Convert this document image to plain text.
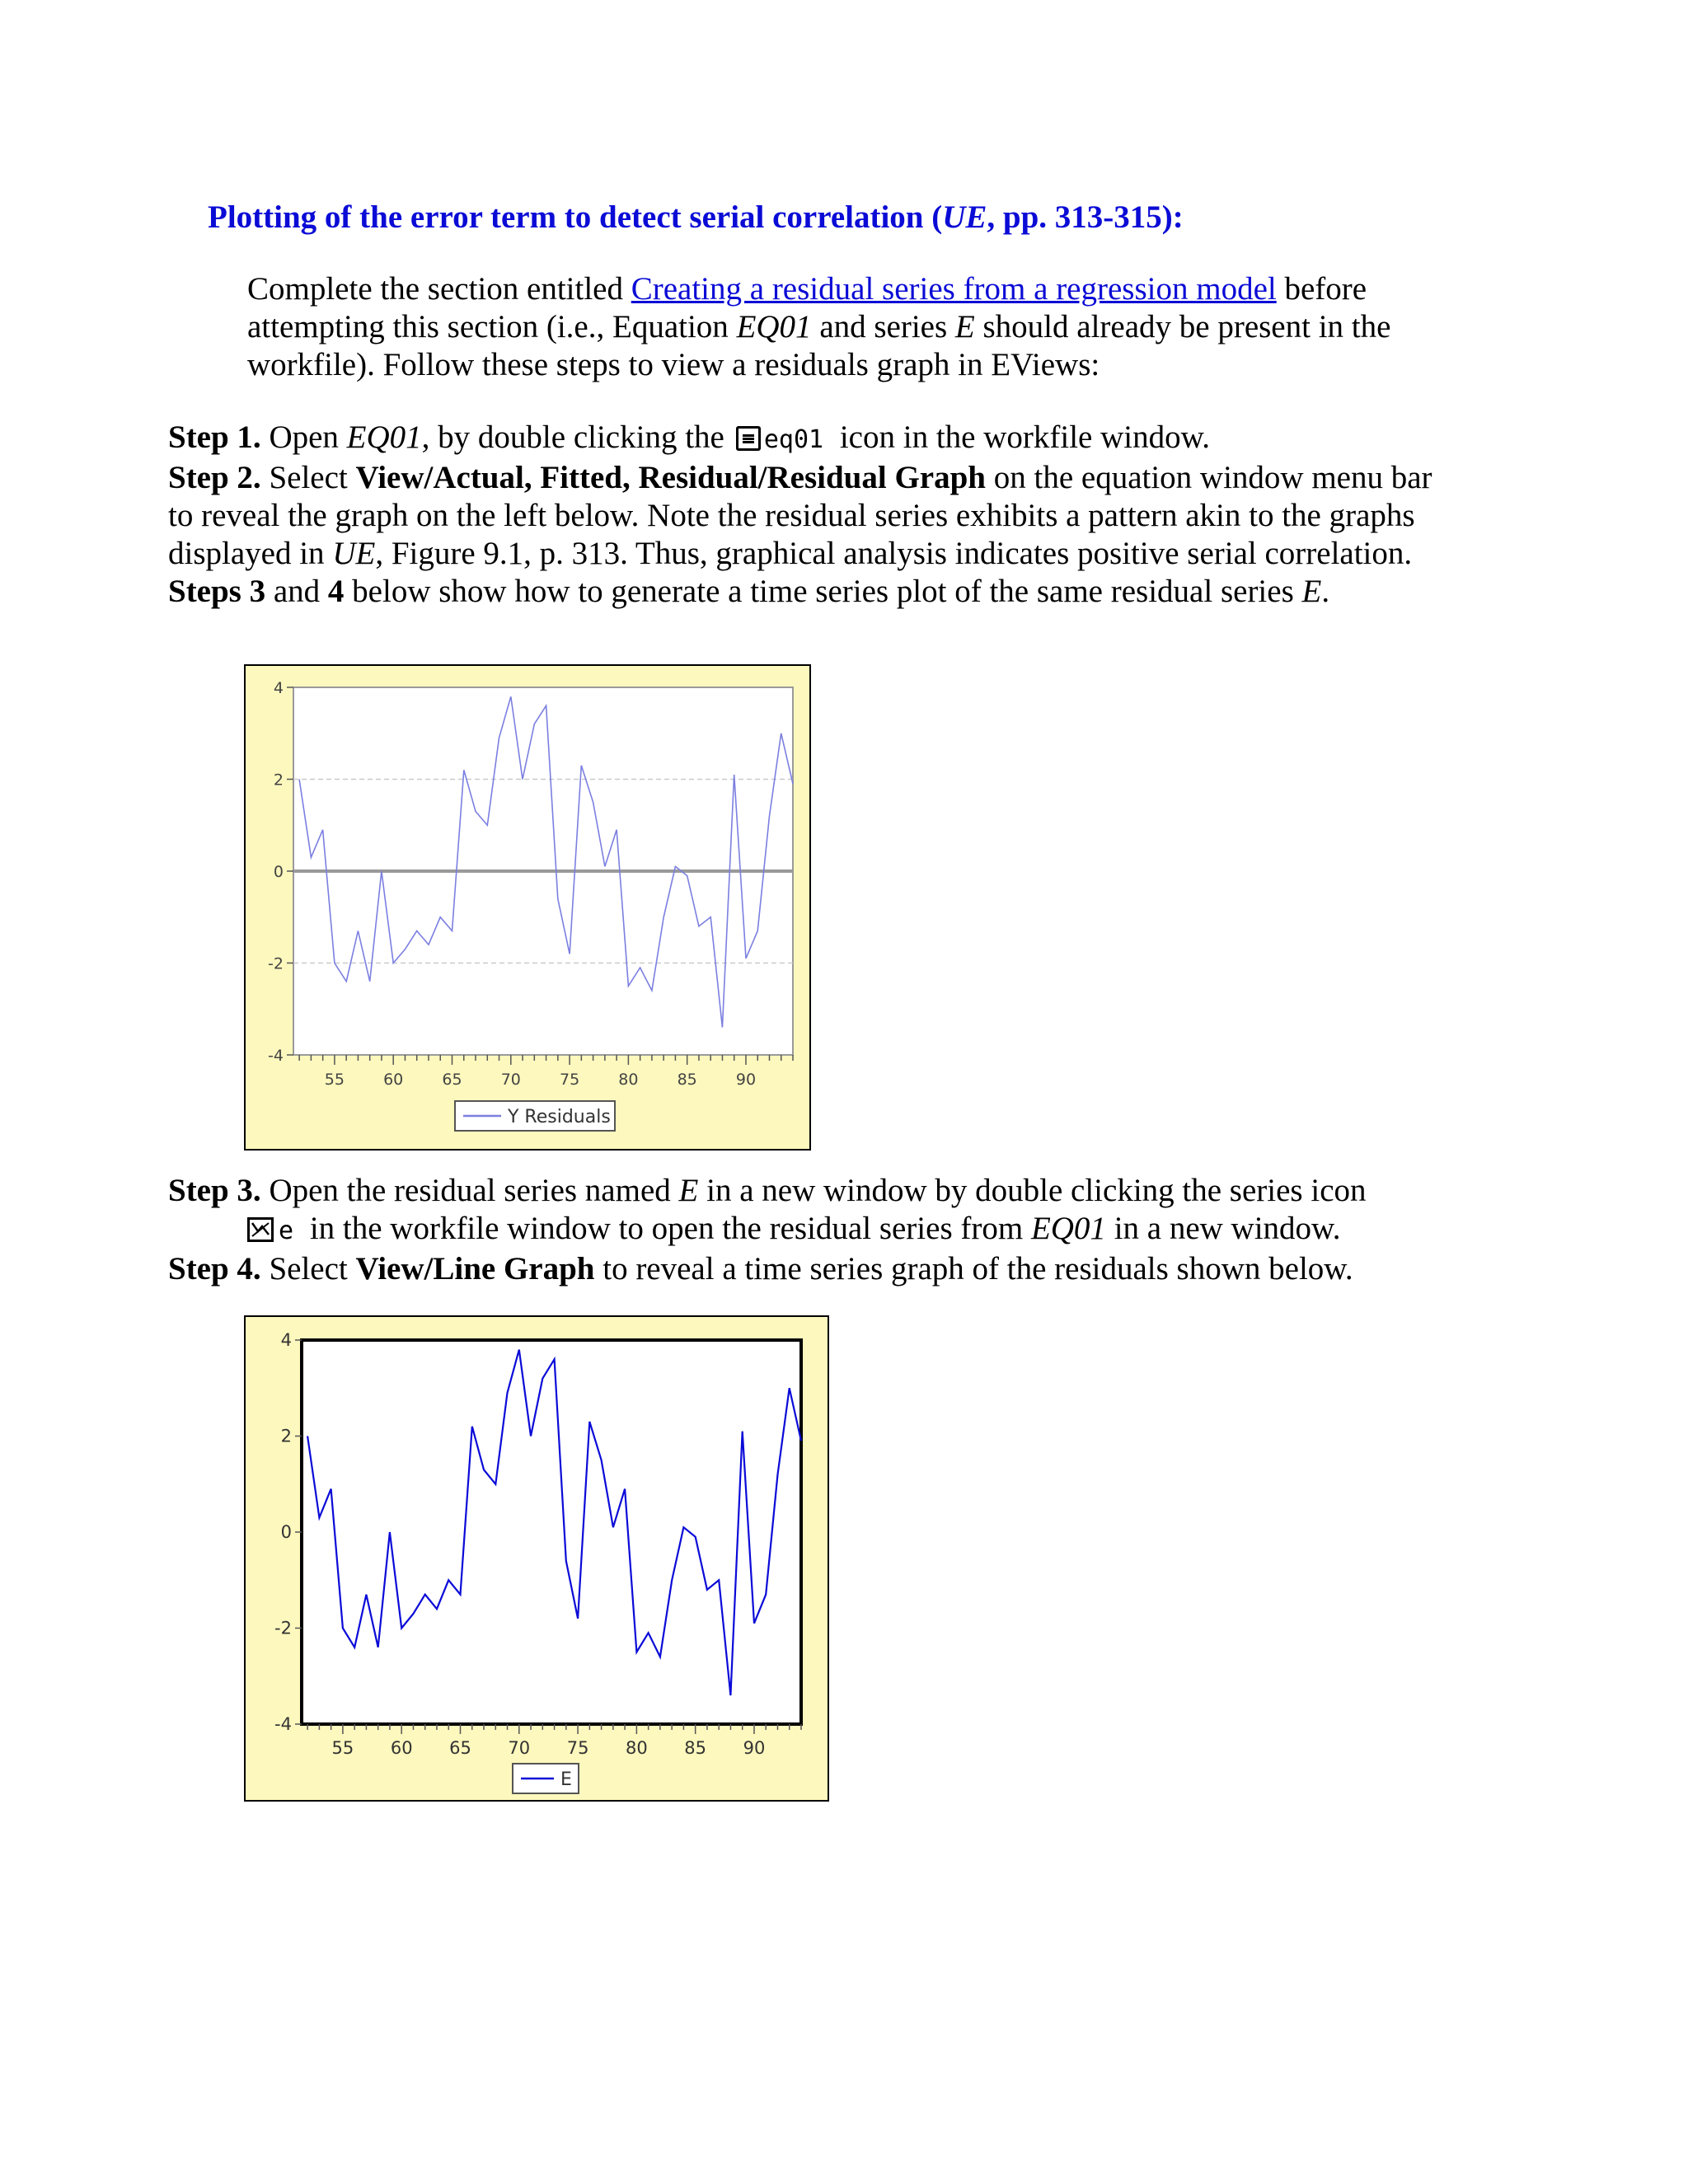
Plotting of the error term to detect serial correlation (UE, pp. 313-315):

Complete the section entitled Creating a residual series from a regression model before attempting this section (i.e., Equation EQ01 and series E should already be present in the workfile). Follow these steps to view a residuals graph in EViews:

Step 1. Open EQ01, by double clicking the eq01 icon in the workfile window.

Step 2. Select View/Actual, Fitted, Residual/Residual Graph on the equation window menu bar to reveal the graph on the left below. Note the residual series exhibits a pattern akin to the graphs displayed in UE, Figure 9.1, p. 313. Thus, graphical analysis indicates positive serial correlation. Steps 3 and 4 below show how to generate a time series plot of the same residual series E.

-4
-2
0
2
4
55 60 65 70 75 80 85 90
Y Residuals

Step 3. Open the residual series named E in a new window by double clicking the series icon

e in the workfile window to open the residual series from EQ01 in a new window.

Step 4. Select View/Line Graph to reveal a time series graph of the residuals shown below.

-4
-2
0
2
4
55 60 65 70 75 80 85 90
E
